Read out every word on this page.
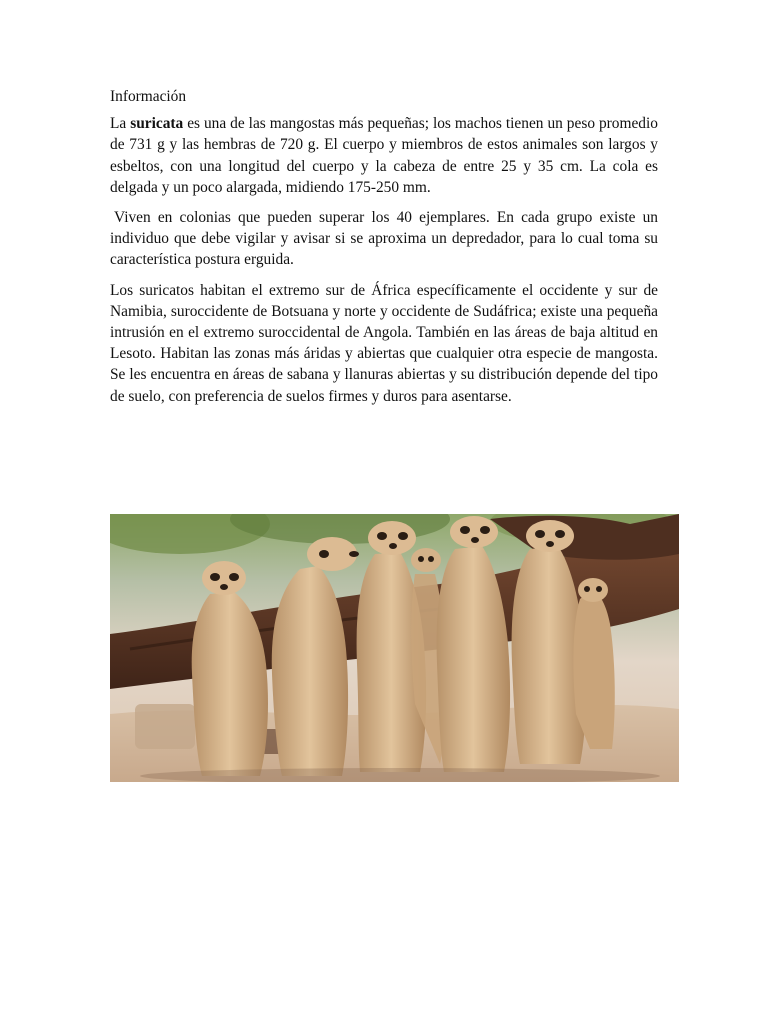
Información

La suricata es una de las mangostas más pequeñas; los machos tienen un peso promedio de 731 g y las hembras de 720 g. El cuerpo y miembros de estos animales son largos y esbeltos, con una longitud del cuerpo y la cabeza de entre 25 y 35 cm. La cola es delgada y un poco alargada, midiendo 175-250 mm.

Viven en colonias que pueden superar los 40 ejemplares. En cada grupo existe un individuo que debe vigilar y avisar si se aproxima un depredador, para lo cual toma su característica postura erguida.

Los suricatos habitan el extremo sur de África específicamente el occidente y sur de Namibia, suroccidente de Botsuana y norte y occidente de Sudáfrica; existe una pequeña intrusión en el extremo suroccidental de Angola. También en las áreas de baja altitud en Lesoto. Habitan las zonas más áridas y abiertas que cualquier otra especie de mangosta. Se les encuentra en áreas de sabana y llanuras abiertas y su distribución depende del tipo de suelo, con preferencia de suelos firmes y duros para asentarse.
